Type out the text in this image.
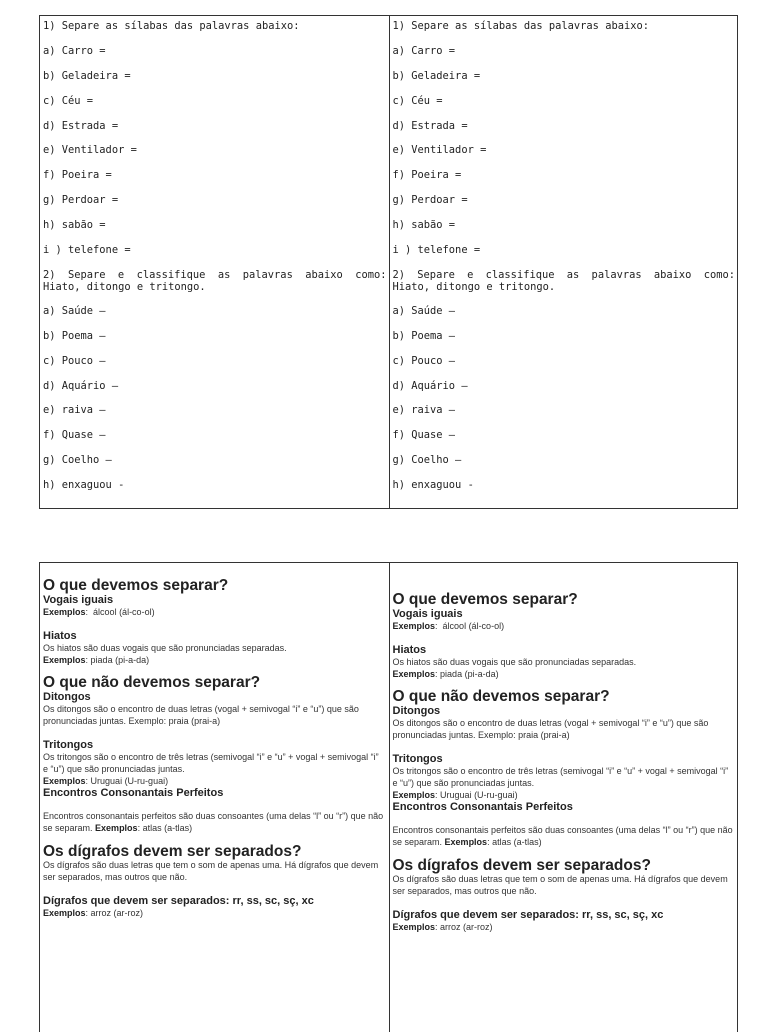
1) Separe as sílabas das palavras abaixo:
a) Carro =
b) Geladeira =
c) Céu =
d) Estrada =
e) Ventilador =
f) Poeira =
g) Perdoar =
h) sabão =
i ) telefone =
2) Separe e classifique as palavras abaixo como: Hiato, ditongo e tritongo.
a) Saúde –
b) Poema –
c) Pouco –
d) Aquário –
e) raiva –
f) Quase –
g) Coelho –
h) enxaguou -
1) Separe as sílabas das palavras abaixo:
a) Carro =
b) Geladeira =
c) Céu =
d) Estrada =
e) Ventilador =
f) Poeira =
g) Perdoar =
h) sabão =
i ) telefone =
2) Separe e classifique as palavras abaixo como: Hiato, ditongo e tritongo.
a) Saúde –
b) Poema –
c) Pouco –
d) Aquário –
e) raiva –
f) Quase –
g) Coelho –
h) enxaguou -
O que devemos separar?
Vogais iguais

Exemplos:  álcool (ál-co-ol)

Hiatos

Os hiatos são duas vogais que são pronunciadas separadas.

Exemplos: piada (pi-a-da)

O que não devemos separar?
Ditongos

Os ditongos são o encontro de duas letras (vogal + semivogal “i” e “u”) que são pronunciadas juntas. Exemplo: praia (prai-a)

Tritongos

Os tritongos são o encontro de três letras (semivogal “i” e “u” + vogal + semivogal “i” e “u”) que são pronunciadas juntas.

Exemplos: Uruguai (U-ru-guai)

Encontros Consonantais Perfeitos

Encontros consonantais perfeitos são duas consoantes (uma delas “l” ou “r”) que não se separam. Exemplos: atlas (a-tlas)

Os dígrafos devem ser separados?

Os dígrafos são duas letras que tem o som de apenas uma. Há dígrafos que devem ser separados, mas outros que não.

Dígrafos que devem ser separados: rr, ss, sc, sç, xc

Exemplos: arroz (ar-roz)

O que devemos separar?
Vogais iguais

Exemplos:  álcool (ál-co-ol)

Hiatos

Os hiatos são duas vogais que são pronunciadas separadas.

Exemplos: piada (pi-a-da)

O que não devemos separar?
Ditongos

Os ditongos são o encontro de duas letras (vogal + semivogal “i” e “u”) que são pronunciadas juntas. Exemplo: praia (prai-a)

Tritongos

Os tritongos são o encontro de três letras (semivogal “i” e “u” + vogal + semivogal “i” e “u”) que são pronunciadas juntas.

Exemplos: Uruguai (U-ru-guai)

Encontros Consonantais Perfeitos

Encontros consonantais perfeitos são duas consoantes (uma delas “l” ou “r”) que não se separam. Exemplos: atlas (a-tlas)

Os dígrafos devem ser separados?

Os dígrafos são duas letras que tem o som de apenas uma. Há dígrafos que devem ser separados, mas outros que não.

Dígrafos que devem ser separados: rr, ss, sc, sç, xc

Exemplos: arroz (ar-roz)
